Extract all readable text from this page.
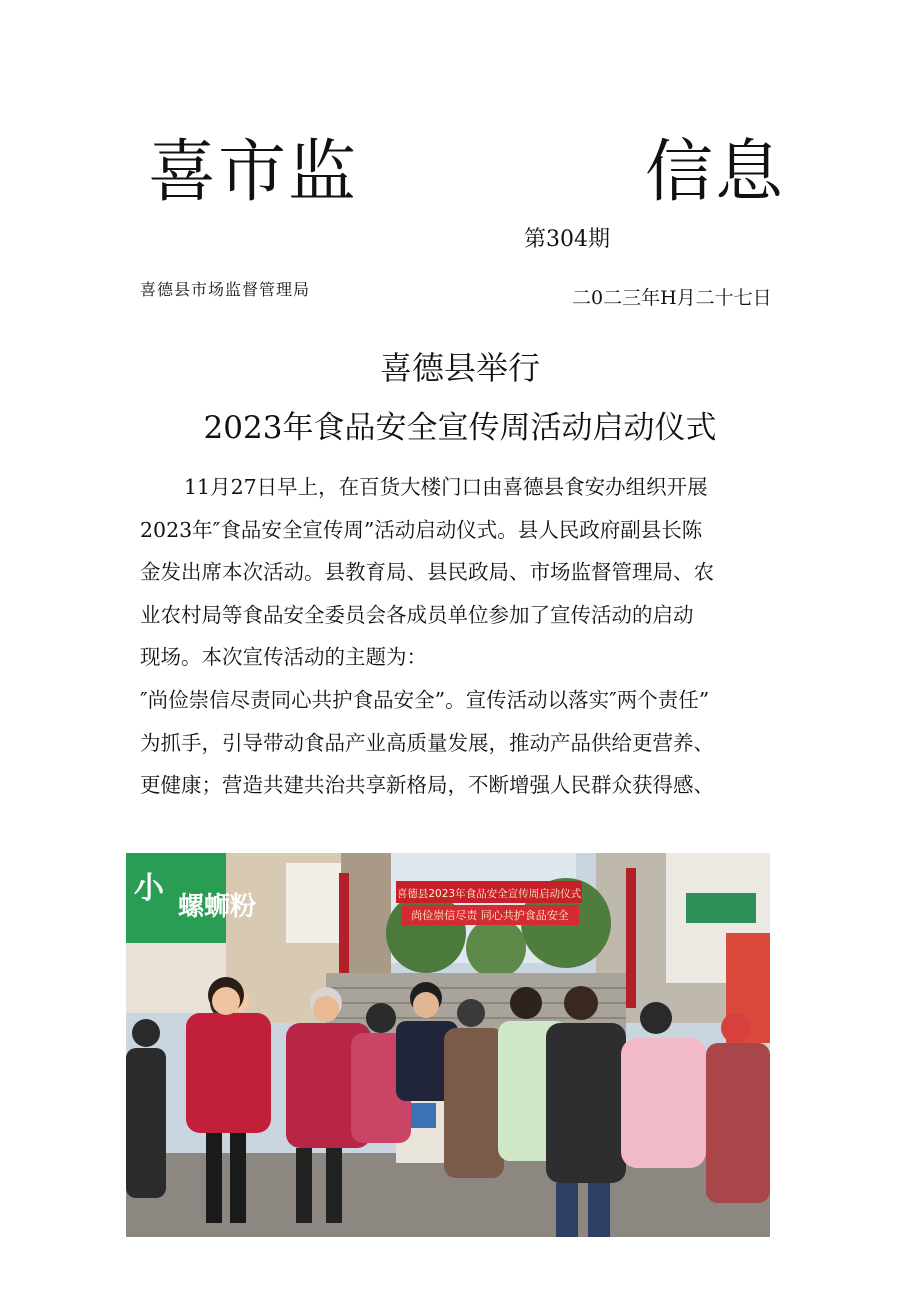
喜市监	信息
第304期
喜德县市场监督管理局	二0二三年H月二十七日
喜德县举行
2023年食品安全宣传周活动启动仪式
11月27日早上，在百货大楼门口由喜德县食安办组织开展
2023年″食品安全宣传周”活动启动仪式。县人民政府副县长陈
金发出席本次活动。县教育局、县民政局、市场监督管理局、农
业农村局等食品安全委员会各成员单位参加了宣传活动的启动
现场。本次宣传活动的主题为：
″尚俭崇信尽责同心共护食品安全”。宣传活动以落实″两个责任”
为抓手，引导带动食品产业高质量发展，推动产品供给更营养、
更健康；营造共建共治共享新格局，不断增强人民群众获得感、
喜德县2023年食品安全宣传周启动仪式
尚俭崇信尽责 同心共护食品安全
螺蛳粉
小
